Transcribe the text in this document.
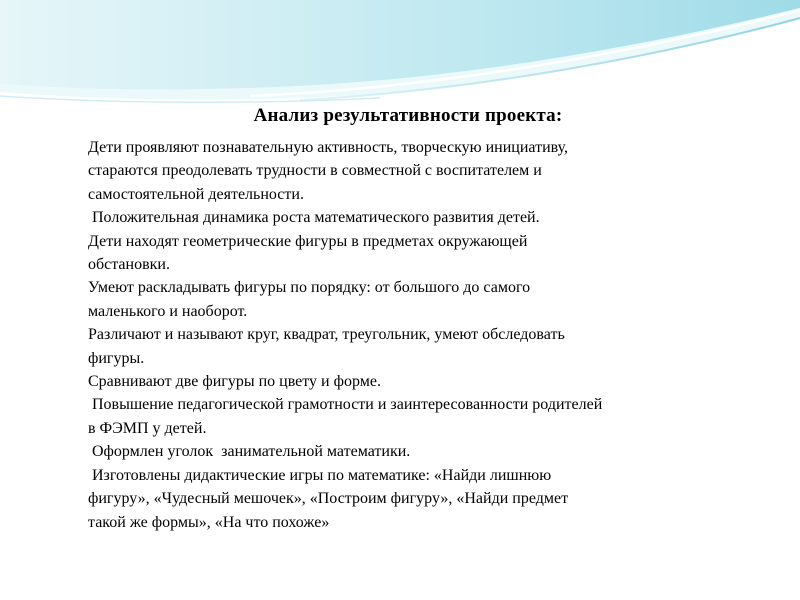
Анализ результативности проекта:
Дети проявляют познавательную активность, творческую инициативу,
стараются преодолевать трудности в совместной с воспитателем и
самостоятельной деятельности.
Положительная динамика роста математического развития детей.
Дети находят геометрические фигуры в предметах окружающей
обстановки.
Умеют раскладывать фигуры по порядку: от большого до самого
маленького и наоборот.
Различают и называют круг, квадрат, треугольник, умеют обследовать
фигуры.
Сравнивают две фигуры по цвету и форме.
Повышение педагогической грамотности и заинтересованности родителей
в ФЭМП у детей.
Оформлен уголок  занимательной математики.
Изготовлены дидактические игры по математике: «Найди лишнюю
фигуру», «Чудесный мешочек», «Построим фигуру», «Найди предмет
такой же формы», «На что похоже»
